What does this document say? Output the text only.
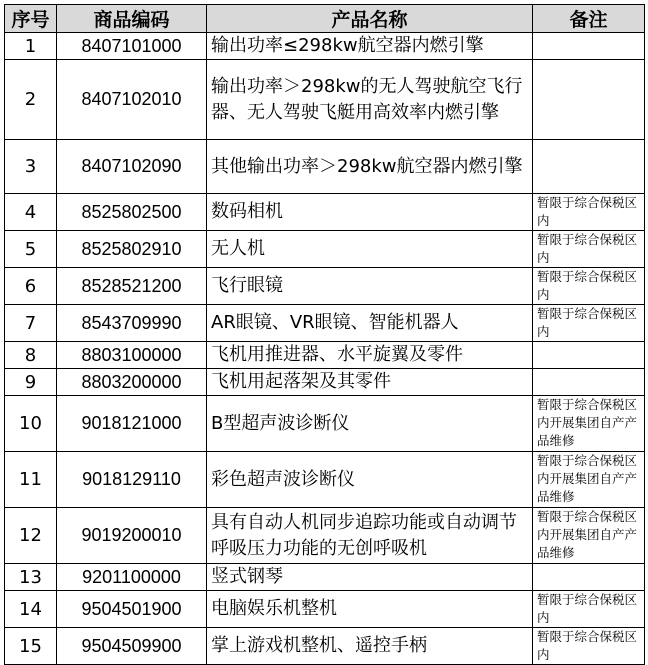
序号	商品编码	产品名称	备注
1	8407101000	输出功率≤298kw航空器内燃引擎	
2	8407102010	输出功率＞298kw的无人驾驶航空飞行器、无人驾驶飞艇用高效率内燃引擎	
3	8407102090	其他输出功率＞298kw航空器内燃引擎	
4	8525802500	数码相机	暂限于综合保税区内
5	8525802910	无人机	暂限于综合保税区内
6	8528521200	飞行眼镜	暂限于综合保税区内
7	8543709990	AR眼镜、VR眼镜、智能机器人	暂限于综合保税区内
8	8803100000	飞机用推进器、水平旋翼及零件	
9	8803200000	飞机用起落架及其零件	
10	9018121000	B型超声波诊断仪	暂限于综合保税区内开展集团自产产品维修
11	9018129110	彩色超声波诊断仪	暂限于综合保税区内开展集团自产产品维修
12	9019200010	具有自动人机同步追踪功能或自动调节呼吸压力功能的无创呼吸机	暂限于综合保税区内开展集团自产产品维修
13	9201100000	竖式钢琴	
14	9504501900	电脑娱乐机整机	暂限于综合保税区内
15	9504509900	掌上游戏机整机、遥控手柄	暂限于综合保税区内
